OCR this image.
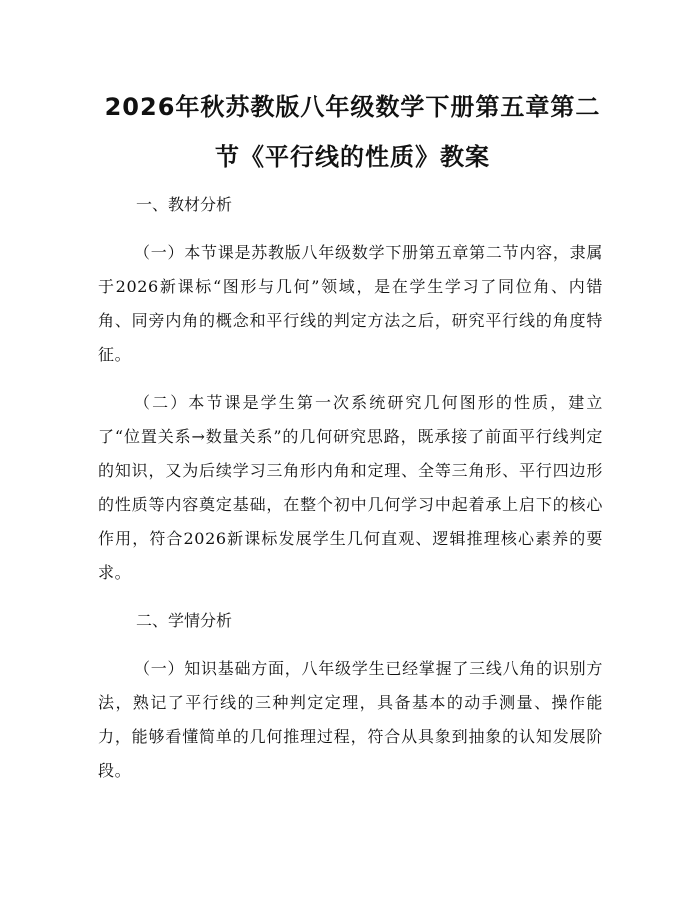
2026年秋苏教版八年级数学下册第五章第二
节《平行线的性质》教案
一、教材分析

（一）本节课是苏教版八年级数学下册第五章第二节内容，隶属于2026新课标“图形与几何”领域，是在学生学习了同位角、内错角、同旁内角的概念和平行线的判定方法之后，研究平行线的角度特征。

（二）本节课是学生第一次系统研究几何图形的性质，建立了“位置关系→数量关系”的几何研究思路，既承接了前面平行线判定的知识，又为后续学习三角形内角和定理、全等三角形、平行四边形的性质等内容奠定基础，在整个初中几何学习中起着承上启下的核心作用，符合2026新课标发展学生几何直观、逻辑推理核心素养的要求。

二、学情分析

（一）知识基础方面，八年级学生已经掌握了三线八角的识别方法，熟记了平行线的三种判定定理，具备基本的动手测量、操作能力，能够看懂简单的几何推理过程，符合从具象到抽象的认知发展阶段。
